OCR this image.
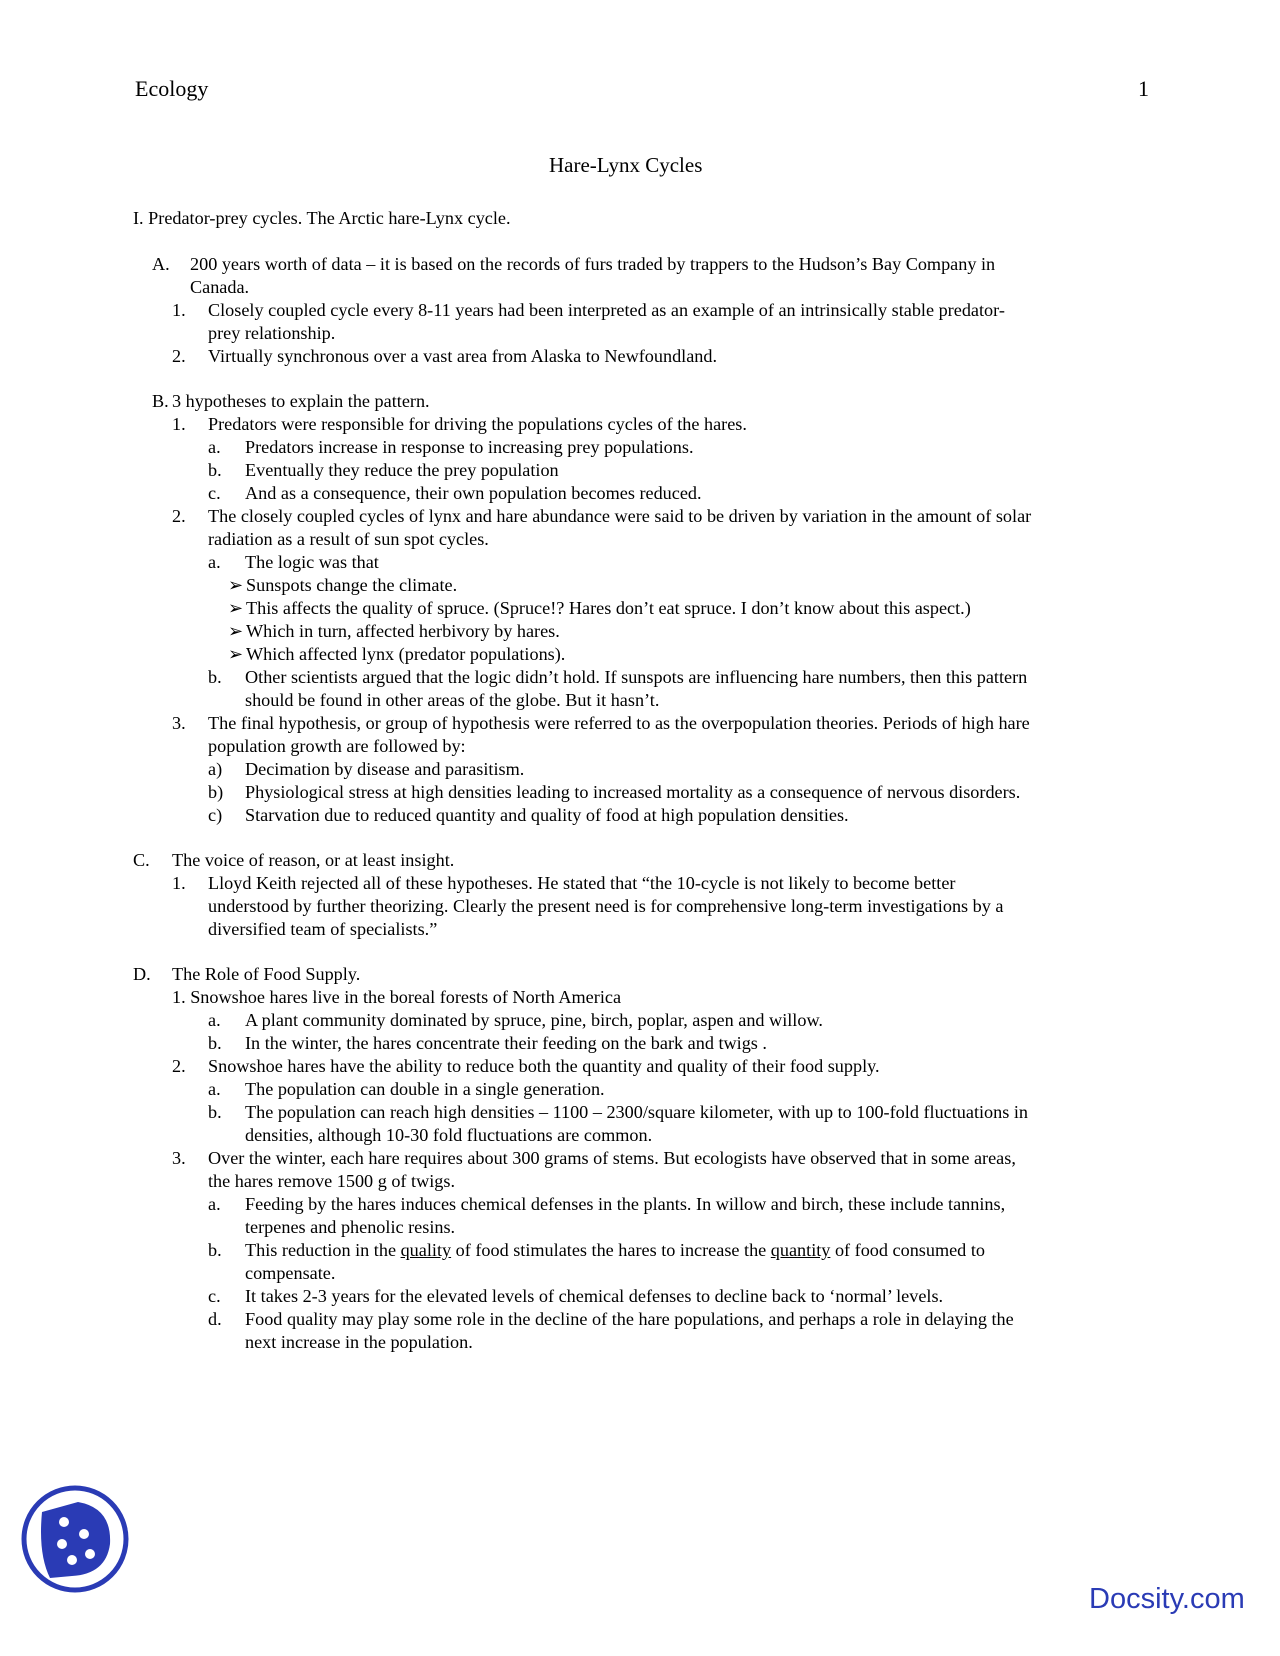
Ecology	1
Hare-Lynx Cycles
I. Predator-prey cycles. The Arctic hare-Lynx cycle.
A. 200 years worth of data – it is based on the records of furs traded by trappers to the Hudson’s Bay Company in
Canada.
1. Closely coupled cycle every 8-11 years had been interpreted as an example of an intrinsically stable predator-
prey relationship.
2. Virtually synchronous over a vast area from Alaska to Newfoundland.
B. 3 hypotheses to explain the pattern.
1. Predators were responsible for driving the populations cycles of the hares.
a. Predators increase in response to increasing prey populations.
b. Eventually they reduce the prey population
c. And as a consequence, their own population becomes reduced.
2. The closely coupled cycles of lynx and hare abundance were said to be driven by variation in the amount of solar
radiation as a result of sun spot cycles.
a. The logic was that
➢ Sunspots change the climate.
➢ This affects the quality of spruce. (Spruce!? Hares don’t eat spruce. I don’t know about this aspect.)
➢ Which in turn, affected herbivory by hares.
➢ Which affected lynx (predator populations).
b. Other scientists argued that the logic didn’t hold. If sunspots are influencing hare numbers, then this pattern
should be found in other areas of the globe. But it hasn’t.
3. The final hypothesis, or group of hypothesis were referred to as the overpopulation theories. Periods of high hare
population growth are followed by:
a) Decimation by disease and parasitism.
b) Physiological stress at high densities leading to increased mortality as a consequence of nervous disorders.
c) Starvation due to reduced quantity and quality of food at high population densities.
C. The voice of reason, or at least insight.
1. Lloyd Keith rejected all of these hypotheses. He stated that “the 10-cycle is not likely to become better
understood by further theorizing. Clearly the present need is for comprehensive long-term investigations by a
diversified team of specialists.”
D. The Role of Food Supply.
1. Snowshoe hares live in the boreal forests of North America
a. A plant community dominated by spruce, pine, birch, poplar, aspen and willow.
b. In the winter, the hares concentrate their feeding on the bark and twigs .
2. Snowshoe hares have the ability to reduce both the quantity and quality of their food supply.
a. The population can double in a single generation.
b. The population can reach high densities – 1100 – 2300/square kilometer, with up to 100-fold fluctuations in
densities, although 10-30 fold fluctuations are common.
3. Over the winter, each hare requires about 300 grams of stems. But ecologists have observed that in some areas,
the hares remove 1500 g of twigs.
a. Feeding by the hares induces chemical defenses in the plants. In willow and birch, these include tannins,
terpenes and phenolic resins.
b. This reduction in the quality of food stimulates the hares to increase the quantity of food consumed to
compensate.
c. It takes 2-3 years for the elevated levels of chemical defenses to decline back to ‘normal’ levels.
d. Food quality may play some role in the decline of the hare populations, and perhaps a role in delaying the
next increase in the population.
Docsity.com
